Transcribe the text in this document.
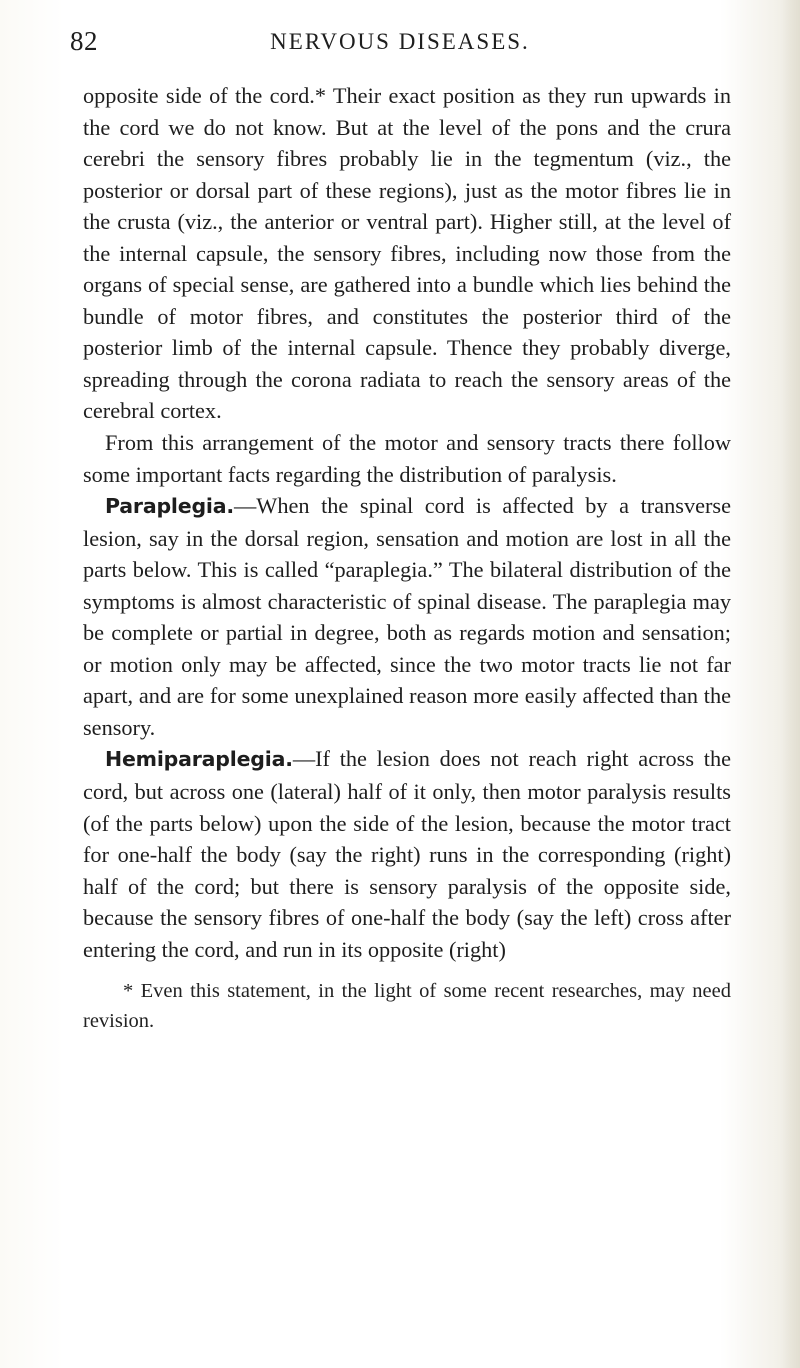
82	NERVOUS DISEASES.

opposite side of the cord.* Their exact position as they run upwards in the cord we do not know. But at the level of the pons and the crura cerebri the sensory fibres probably lie in the tegmentum (viz., the posterior or dorsal part of these regions), just as the motor fibres lie in the crusta (viz., the anterior or ventral part). Higher still, at the level of the internal capsule, the sensory fibres, including now those from the organs of special sense, are gathered into a bundle which lies behind the bundle of motor fibres, and constitutes the posterior third of the posterior limb of the internal capsule. Thence they probably diverge, spreading through the corona radiata to reach the sensory areas of the cerebral cortex.

From this arrangement of the motor and sensory tracts there follow some important facts regarding the distribution of paralysis.

Paraplegia.—When the spinal cord is affected by a transverse lesion, say in the dorsal region, sensation and motion are lost in all the parts below. This is called “paraplegia.” The bilateral distribution of the symptoms is almost characteristic of spinal disease. The paraplegia may be complete or partial in degree, both as regards motion and sensation; or motion only may be affected, since the two motor tracts lie not far apart, and are for some unexplained reason more easily affected than the sensory.

Hemiparaplegia.—If the lesion does not reach right across the cord, but across one (lateral) half of it only, then motor paralysis results (of the parts below) upon the side of the lesion, because the motor tract for one-half the body (say the right) runs in the corresponding (right) half of the cord; but there is sensory paralysis of the opposite side, because the sensory fibres of one-half the body (say the left) cross after entering the cord, and run in its opposite (right)

* Even this statement, in the light of some recent researches, may need revision.
